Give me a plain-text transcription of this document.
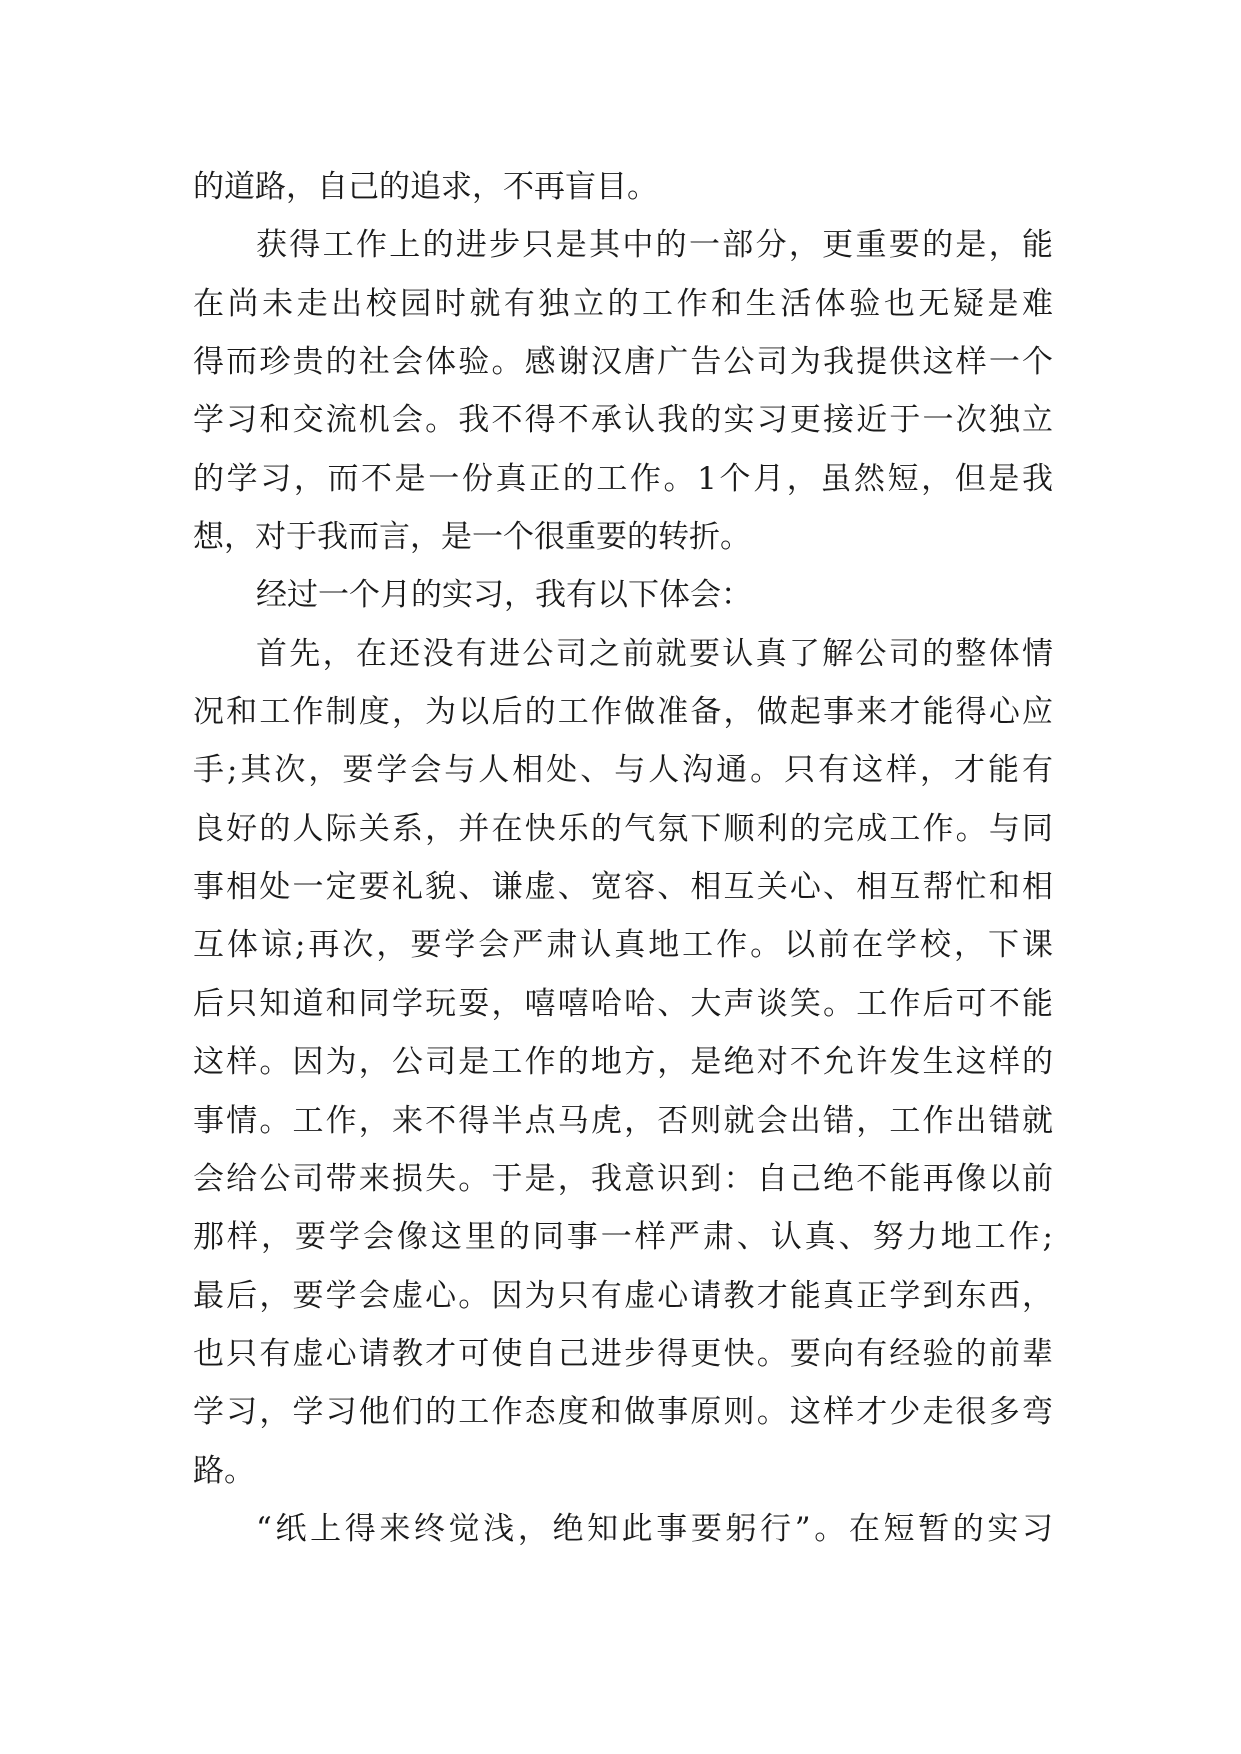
的道路，自己的追求，不再盲目。
获得工作上的进步只是其中的一部分，更重要的是，能
在尚未走出校园时就有独立的工作和生活体验也无疑是难
得而珍贵的社会体验。感谢汉唐广告公司为我提供这样一个
学习和交流机会。我不得不承认我的实习更接近于一次独立
的学习，而不是一份真正的工作。1个月，虽然短，但是我
想，对于我而言，是一个很重要的转折。
经过一个月的实习，我有以下体会：
首先，在还没有进公司之前就要认真了解公司的整体情
况和工作制度，为以后的工作做准备，做起事来才能得心应
手;其次，要学会与人相处、与人沟通。只有这样，才能有
良好的人际关系，并在快乐的气氛下顺利的完成工作。与同
事相处一定要礼貌、谦虚、宽容、相互关心、相互帮忙和相
互体谅;再次，要学会严肃认真地工作。以前在学校，下课
后只知道和同学玩耍，嘻嘻哈哈、大声谈笑。工作后可不能
这样。因为，公司是工作的地方，是绝对不允许发生这样的
事情。工作，来不得半点马虎，否则就会出错，工作出错就
会给公司带来损失。于是，我意识到：自己绝不能再像以前
那样，要学会像这里的同事一样严肃、认真、努力地工作;
最后，要学会虚心。因为只有虚心请教才能真正学到东西，
也只有虚心请教才可使自己进步得更快。要向有经验的前辈
学习，学习他们的工作态度和做事原则。这样才少走很多弯
路。
“纸上得来终觉浅，绝知此事要躬行”。在短暂的实习
